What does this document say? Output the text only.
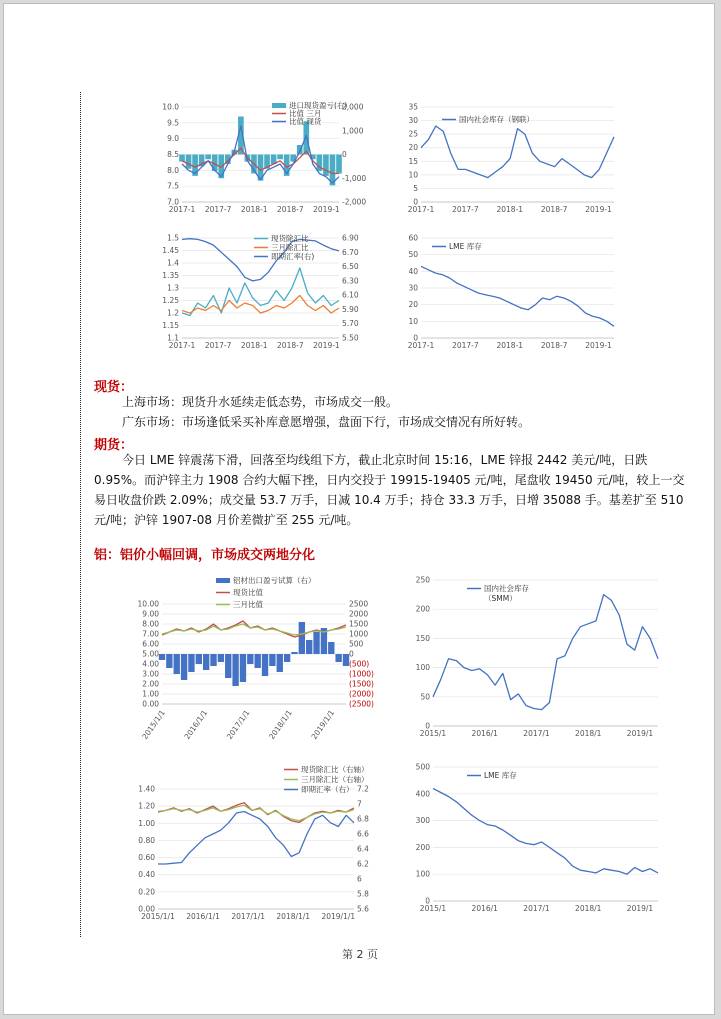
10.0
9.5
9.0
8.5
8.0
7.5
7.0
2,000
1,000
0
-1,000
-2,000
2017-1 2017-7 2018-1 2018-7 2019-1
进口现货盈亏(右)
比值 三月
比值 现货
35
30
25
20
15
10
5
0
2017-1 2017-7 2018-1 2018-7 2019-1
国内社会库存（钢联）
1.5
1.45
1.4
1.35
1.3
1.25
1.2
1.15
1.1
6.90
6.70
6.50
6.30
6.10
5.90
5.70
5.50
2017-1 2017-7 2018-1 2018-7 2019-1
现货除汇比
三月除汇比
即期汇率(右)
60
50
40
30
20
10
0
2017-1 2017-7 2018-1 2018-7 2019-1
LME 库存
现货：
上海市场：现货升水延续走低态势，市场成交一般。
广东市场：市场逢低采买补库意愿增强，盘面下行，市场成交情况有所好转。
期货：
今日 LME 锌震荡下滑，回落至均线组下方，截止北京时间 15:16，LME 锌报 2442 美元/吨，日跌 0.95%。而沪锌主力 1908 合约大幅下挫，日内交投于 19915-19405 元/吨，尾盘收 19450 元/吨，较上一交易日收盘价跌 2.09%；成交量 53.7 万手，日减 10.4 万手；持仓 33.3 万手，日增 35088 手。基差扩至 510 元/吨；沪锌 1907-08 月价差微扩至 255 元/吨。
铝：铝价小幅回调，市场成交两地分化
10.00
9.00
8.00
7.00
6.00
5.00
4.00
3.00
2.00
1.00
0.00
2500
2000
1500
1000
500
0
(500)
(1000)
(1500)
(2000)
(2500)
2015/1/1 2016/1/1 2017/1/1 2018/1/1 2019/1/1
铝材出口盈亏试算（右）
现货比值
三月比值
250
200
150
100
50
0
2015/1	2016/1	2017/1	2018/1	2019/1
国内社会库存
（SMM）
1.40
1.20
1.00
0.80
0.60
0.40
0.20
0.00
7.2
7
6.8
6.6
6.4
6.2
6
5.8
5.6
2015/1/1 2016/1/1 2017/1/1 2018/1/1 2019/1/1
现货除汇比（右轴）
三月除汇比（右轴）
即期汇率（右）
500
400
300
200
100
0
2015/1	2016/1	2017/1	2018/1	2019/1
LME 库存
第 2 页
